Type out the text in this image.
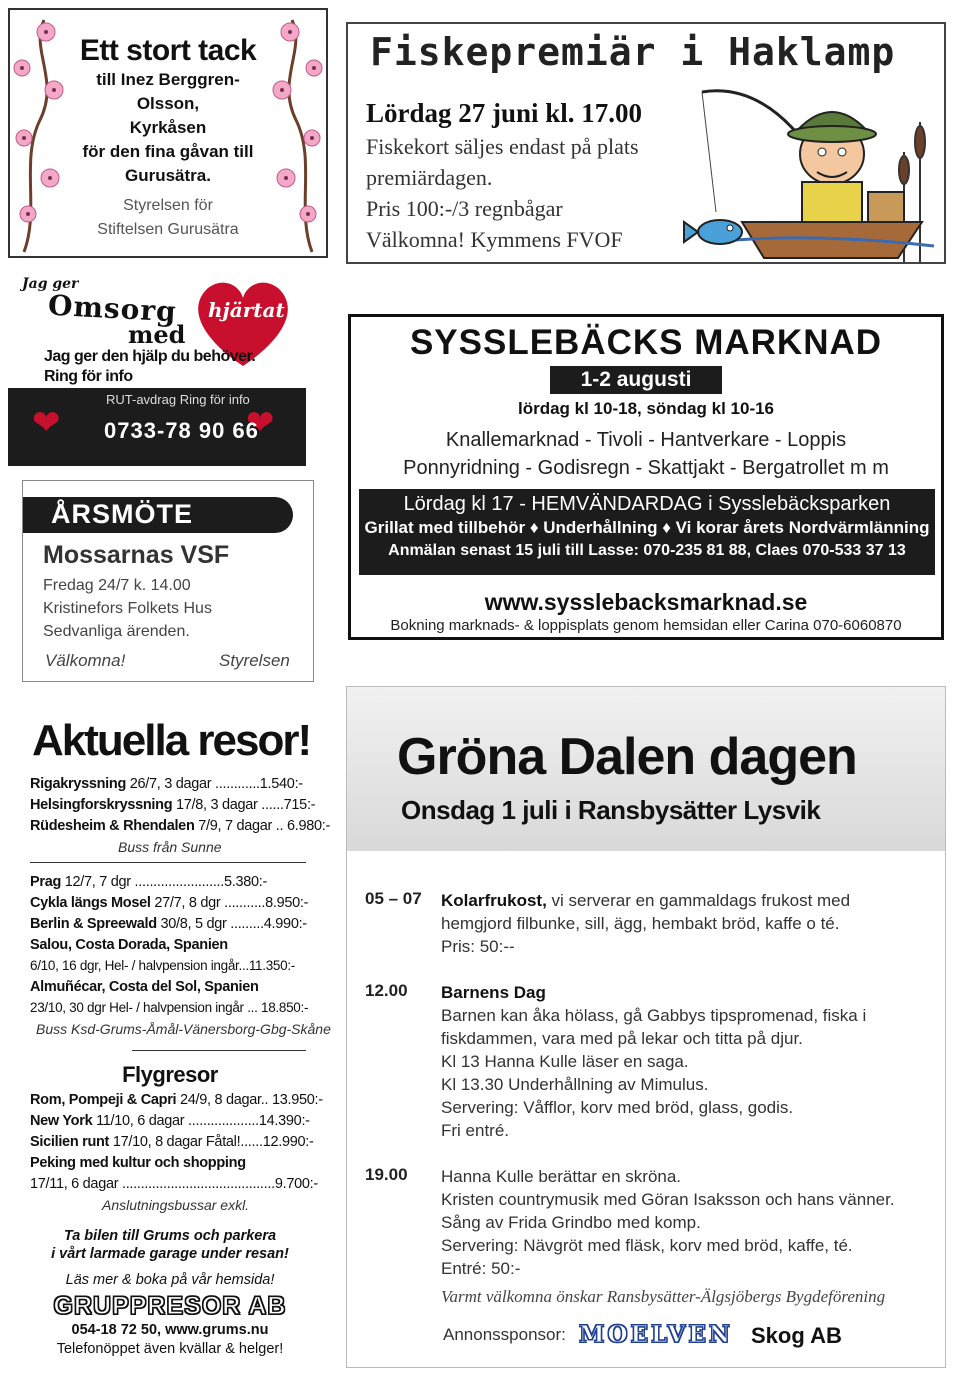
Ett stort tack
till Inez Berggren-Olsson,
Kyrkåsen
för den fina gåvan till
Gurusätra.
Styrelsen för
Stiftelsen Gurusätra
Fiskepremiär i Haklamp
Lördag 27 juni kl. 17.00
Fiskekort säljes endast på plats
premiärdagen.
Pris 100:-/3 regnbågar
Välkomna! Kymmens FVOF
Jag ger
Omsorg
med
hjärtat
Jag ger den hjälp du behöver.
Ring för info
❤	❤
RUT-avdrag Ring för info
0733-78 90 66
ÅRSMÖTE
Mossarnas VSF
Fredag 24/7 k. 14.00
Kristinefors Folkets Hus
Sedvanliga ärenden.
Välkomna!	Styrelsen
SYSSLEBÄCKS MARKNAD
1-2 augusti
lördag kl 10-18, söndag kl 10-16
Knallemarknad - Tivoli - Hantverkare - Loppis
Ponnyridning - Godisregn - Skattjakt - Bergatrollet m m
Lördag kl 17 - HEMVÄNDARDAG i Sysslebäcksparken
Grillat med tillbehör ♦ Underhållning ♦ Vi korar årets Nordvärmlänning
Anmälan senast 15 juli till Lasse: 070-235 81 88, Claes 070-533 37 13
www.sysslebacksmarknad.se
Bokning marknads- & loppisplats genom hemsidan eller Carina 070-6060870
Aktuella resor!
Rigakryssning 26/7, 3 dagar ............1.540:-
Helsingforskryssning 17/8, 3 dagar ......715:-
Rüdesheim & Rhendalen 7/9, 7 dagar .. 6.980:-
Buss från Sunne
Prag 12/7, 7 dgr ........................5.380:-
Cykla längs Mosel 27/7, 8 dgr ...........8.950:-
Berlin & Spreewald 30/8, 5 dgr .........4.990:-
Salou, Costa Dorada, Spanien
6/10, 16 dgr, Hel- / halvpension ingår...11.350:-
Almuñécar, Costa del Sol, Spanien
23/10, 30 dgr Hel- / halvpension ingår ... 18.850:-
Buss Ksd-Grums-Åmål-Vänersborg-Gbg-Skåne
Flygresor
Rom, Pompeji & Capri 24/9, 8 dagar.. 13.950:-
New York 11/10, 6 dagar ...................14.390:-
Sicilien runt 17/10, 8 dagar Fåtal!......12.990:-
Peking med kultur och shopping
17/11, 6 dagar .........................................9.700:-
Anslutningsbussar exkl.
Ta bilen till Grums och parkera
i vårt larmade garage under resan!
Läs mer & boka på vår hemsida!
GRUPPRESOR AB
054-18 72 50, www.grums.nu
Telefonöppet även kvällar & helger!
Gröna Dalen dagen
Onsdag 1 juli i Ransbysätter Lysvik
05 – 07 Kolarfrukost, vi serverar en gammaldags frukost med
hemgjord filbunke, sill, ägg, hembakt bröd, kaffe o té.
Pris: 50:--
12.00 Barnens Dag
Barnen kan åka hölass, gå Gabbys tipspromenad, fiska i
fiskdammen, vara med på lekar och titta på djur.
Kl 13 Hanna Kulle läser en saga.
Kl 13.30 Underhållning av Mimulus.
Servering: Våfflor, korv med bröd, glass, godis.
Fri entré.
19.00 Hanna Kulle berättar en skröna.
Kristen countrymusik med Göran Isaksson och hans vänner.
Sång av Frida Grindbo med komp.
Servering: Nävgröt med fläsk, korv med bröd, kaffe, té.
Entré: 50:-
Varmt välkomna önskar Ransbysätter-Älgsjöbergs Bygdeförening
Annonssponsor: MOELVEN Skog AB
